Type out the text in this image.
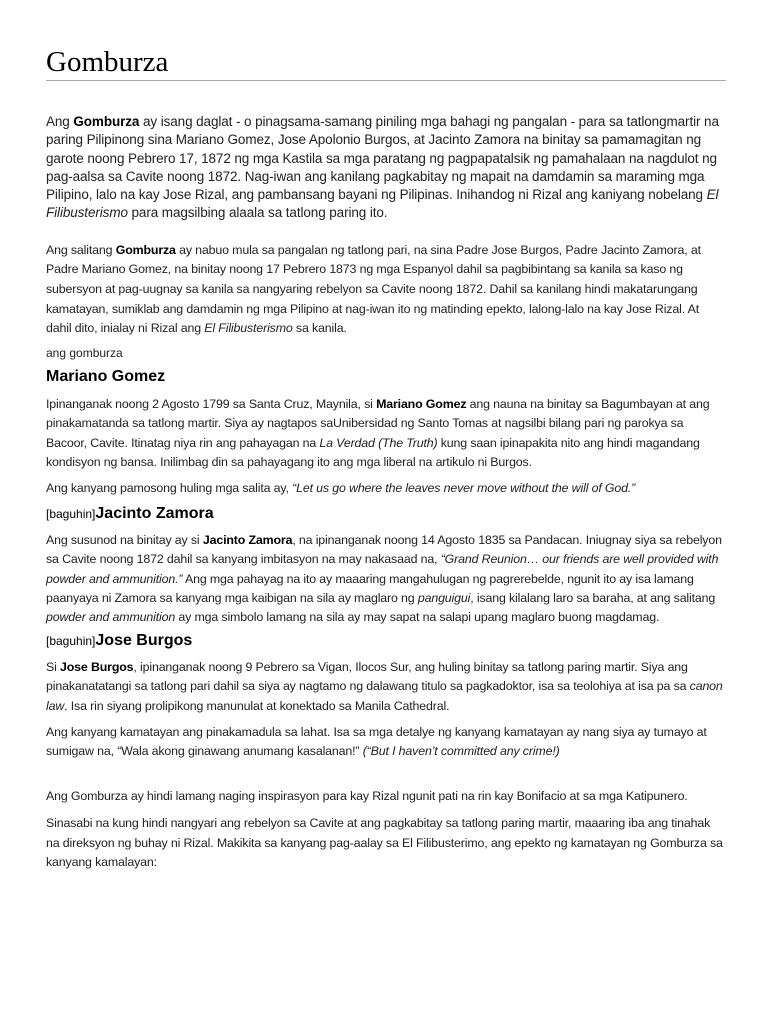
Gomburza

Ang Gomburza ay isang daglat - o pinagsama-samang piniling mga bahagi ng pangalan - para sa tatlongmartir na paring Pilipinong sina Mariano Gomez, Jose Apolonio Burgos, at Jacinto Zamora na binitay sa pamamagitan ng garote noong Pebrero 17, 1872 ng mga Kastila sa mga paratang ng pagpapatalsik ng pamahalaan na nagdulot ng pag-aalsa sa Cavite noong 1872. Nag-iwan ang kanilang pagkabitay ng mapait na damdamin sa maraming mga Pilipino, lalo na kay Jose Rizal, ang pambansang bayani ng Pilipinas. Inihandog ni Rizal ang kaniyang nobelang El Filibusterismo para magsilbing alaala sa tatlong paring ito.

Ang salitang Gomburza ay nabuo mula sa pangalan ng tatlong pari, na sina Padre Jose Burgos, Padre Jacinto Zamora, at Padre Mariano Gomez, na binitay noong 17 Pebrero 1873 ng mga Espanyol dahil sa pagbibintang sa kanila sa kaso ng subersyon at pag-uugnay sa kanila sa nangyaring rebelyon sa Cavite noong 1872. Dahil sa kanilang hindi makatarungang kamatayan, sumiklab ang damdamin ng mga Pilipino at nag-iwan ito ng matinding epekto, lalong-lalo na kay Jose Rizal. At dahil dito, inialay ni Rizal ang El Filibusterismo sa kanila.

ang gomburza

Mariano Gomez

Ipinanganak noong 2 Agosto 1799 sa Santa Cruz, Maynila, si Mariano Gomez ang nauna na binitay sa Bagumbayan at ang pinakamatanda sa tatlong martir. Siya ay nagtapos saUnibersidad ng Santo Tomas at nagsilbi bilang pari ng parokya sa Bacoor, Cavite. Itinatag niya rin ang pahayagan na La Verdad (The Truth) kung saan ipinapakita nito ang hindi magandang kondisyon ng bansa. Inilimbag din sa pahayagang ito ang mga liberal na artikulo ni Burgos.

Ang kanyang pamosong huling mga salita ay, “Let us go where the leaves never move without the will of God.”

[baguhin]Jacinto Zamora

Ang susunod na binitay ay si Jacinto Zamora, na ipinanganak noong 14 Agosto 1835 sa Pandacan. Iniugnay siya sa rebelyon sa Cavite noong 1872 dahil sa kanyang imbitasyon na may nakasaad na, “Grand Reunion… our friends are well provided with powder and ammunition.” Ang mga pahayag na ito ay maaaring mangahulugan ng pagrerebelde, ngunit ito ay isa lamang paanyaya ni Zamora sa kanyang mga kaibigan na sila ay maglaro ng panguigui, isang kilalang laro sa baraha, at ang salitang powder and ammunition ay mga simbolo lamang na sila ay may sapat na salapi upang maglaro buong magdamag.

[baguhin]Jose Burgos

Si Jose Burgos, ipinanganak noong 9 Pebrero sa Vigan, Ilocos Sur, ang huling binitay sa tatlong paring martir. Siya ang pinakanatatangi sa tatlong pari dahil sa siya ay nagtamo ng dalawang titulo sa pagkadoktor, isa sa teolohiya at isa pa sa canon law. Isa rin siyang prolipikong manunulat at konektado sa Manila Cathedral.

Ang kanyang kamatayan ang pinakamadula sa lahat. Isa sa mga detalye ng kanyang kamatayan ay nang siya ay tumayo at sumigaw na, “Wala akong ginawang anumang kasalanan!” (“But I haven’t committed any crime!)

Ang Gomburza ay hindi lamang naging inspirasyon para kay Rizal ngunit pati na rin kay Bonifacio at sa mga Katipunero.

Sinasabi na kung hindi nangyari ang rebelyon sa Cavite at ang pagkabitay sa tatlong paring martir, maaaring iba ang tinahak na direksyon ng buhay ni Rizal. Makikita sa kanyang pag-aalay sa El Filibusterimo, ang epekto ng kamatayan ng Gomburza sa kanyang kamalayan:
